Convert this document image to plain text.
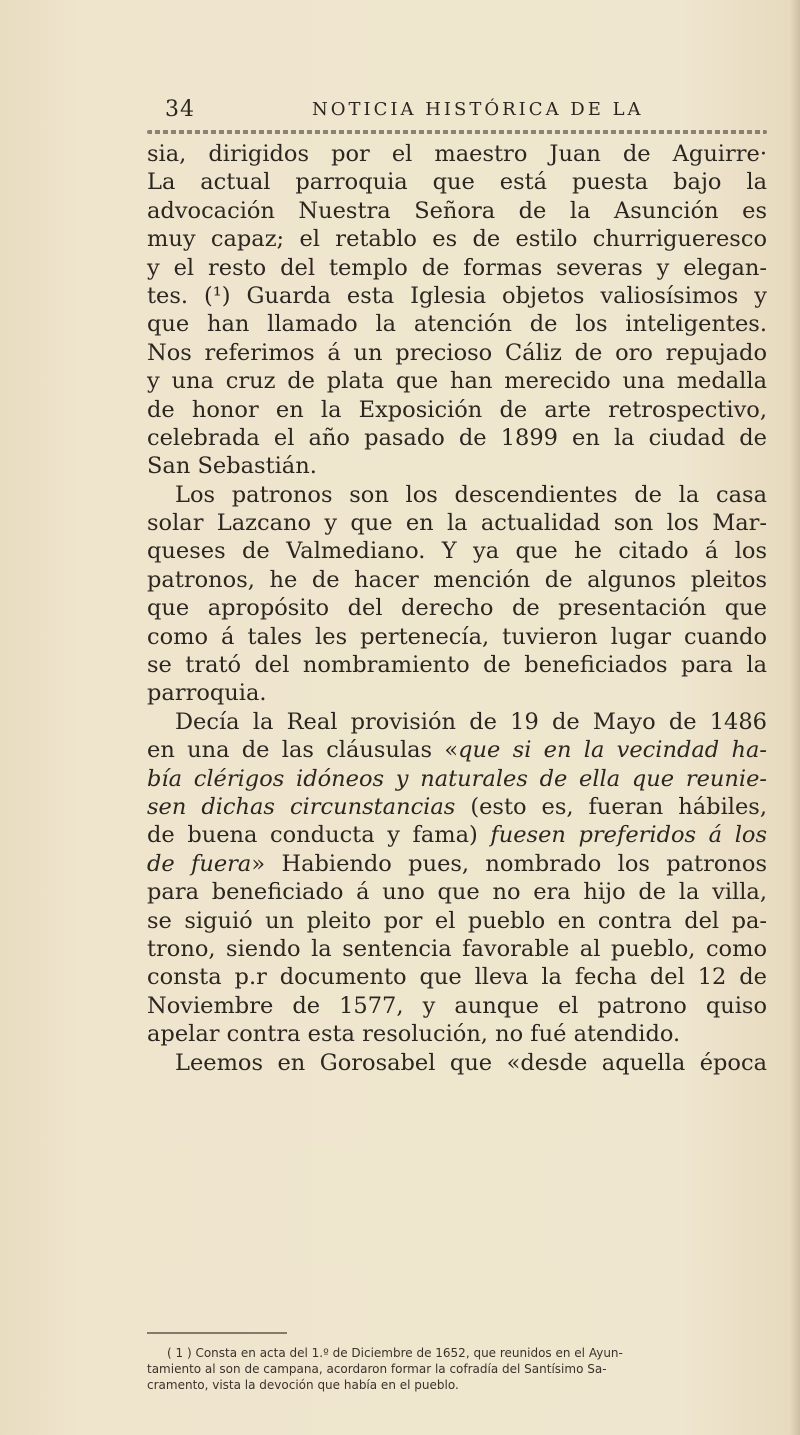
34	NOTICIA HISTÓRICA DE LA
sia, dirigidos por el maestro Juan de Aguirre·
La actual parroquia que está puesta bajo la
advocación Nuestra Señora de la Asunción es
muy capaz; el retablo es de estilo churrigueresco
y el resto del templo de formas severas y elegan-
tes. (¹) Guarda esta Iglesia objetos valiosísimos y
que han llamado la atención de los inteligentes.
Nos referimos á un precioso Cáliz de oro repujado
y una cruz de plata que han merecido una medalla
de honor en la Exposición de arte retrospectivo,
celebrada el año pasado de 1899 en la ciudad de
San Sebastián.
Los patronos son los descendientes de la casa
solar Lazcano y que en la actualidad son los Mar-
queses de Valmediano. Y ya que he citado á los
patronos, he de hacer mención de algunos pleitos
que apropósito del derecho de presentación que
como á tales les pertenecía, tuvieron lugar cuando
se trató del nombramiento de beneficiados para la
parroquia.
Decía la Real provisión de 19 de Mayo de 1486
en una de las cláusulas «que si en la vecindad ha-
bía clérigos idóneos y naturales de ella que reunie-
sen dichas circunstancias (esto es, fueran hábiles,
de buena conducta y fama) fuesen preferidos á los
de fuera» Habiendo pues, nombrado los patronos
para beneficiado á uno que no era hijo de la villa,
se siguió un pleito por el pueblo en contra del pa-
trono, siendo la sentencia favorable al pueblo, como
consta p.r documento que lleva la fecha del 12 de
Noviembre de 1577, y aunque el patrono quiso
apelar contra esta resolución, no fué atendido.
Leemos en Gorosabel que «desde aquella época
( 1 ) Consta en acta del 1.º de Diciembre de 1652, que reunidos en el Ayun-
tamiento al son de campana, acordaron formar la cofradía del Santísimo Sa-
cramento, vista la devoción que había en el pueblo.
